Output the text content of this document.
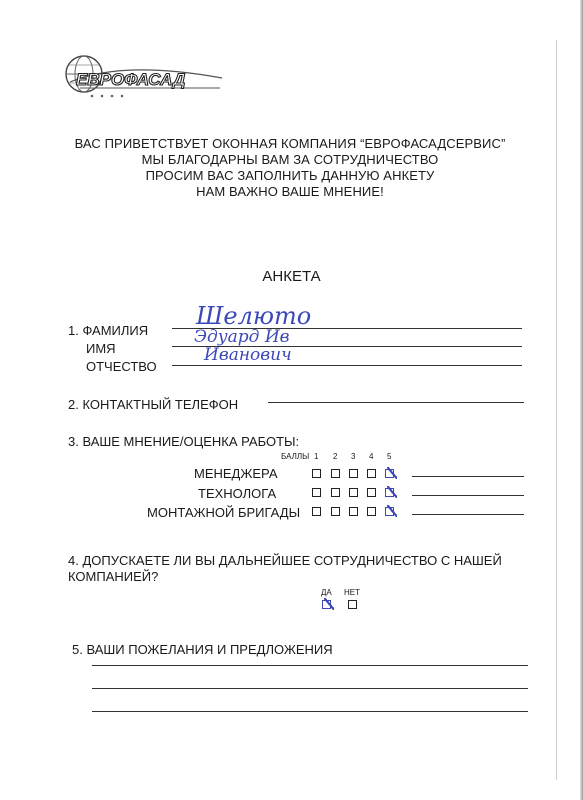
ЕВРОФАСАД
ВАС ПРИВЕТСТВУЕТ ОКОННАЯ КОМПАНИЯ “ЕВРОФАСАДСЕРВИС”
МЫ БЛАГОДАРНЫ ВАМ ЗА СОТРУДНИЧЕСТВО
ПРОСИМ ВАС ЗАПОЛНИТЬ ДАННУЮ АНКЕТУ
НАМ ВАЖНО ВАШЕ МНЕНИЕ!
АНКЕТА
1. ФАМИЛИЯ
Шелюто
ИМЯ
Эдуард Ив
ОТЧЕСТВО
Иванович
2. КОНТАКТНЫЙ ТЕЛЕФОН
3. ВАШЕ МНЕНИЕ/ОЦЕНКА РАБОТЫ:
БАЛЛЫ 1 2 3 4 5
МЕНЕДЖЕРА
ТЕХНОЛОГА
МОНТАЖНОЙ БРИГАДЫ
4. ДОПУСКАЕТЕ ЛИ ВЫ ДАЛЬНЕЙШЕЕ СОТРУДНИЧЕСТВО С НАШЕЙ
КОМПАНИЕЙ?
ДА НЕТ
5. ВАШИ ПОЖЕЛАНИЯ И ПРЕДЛОЖЕНИЯ
